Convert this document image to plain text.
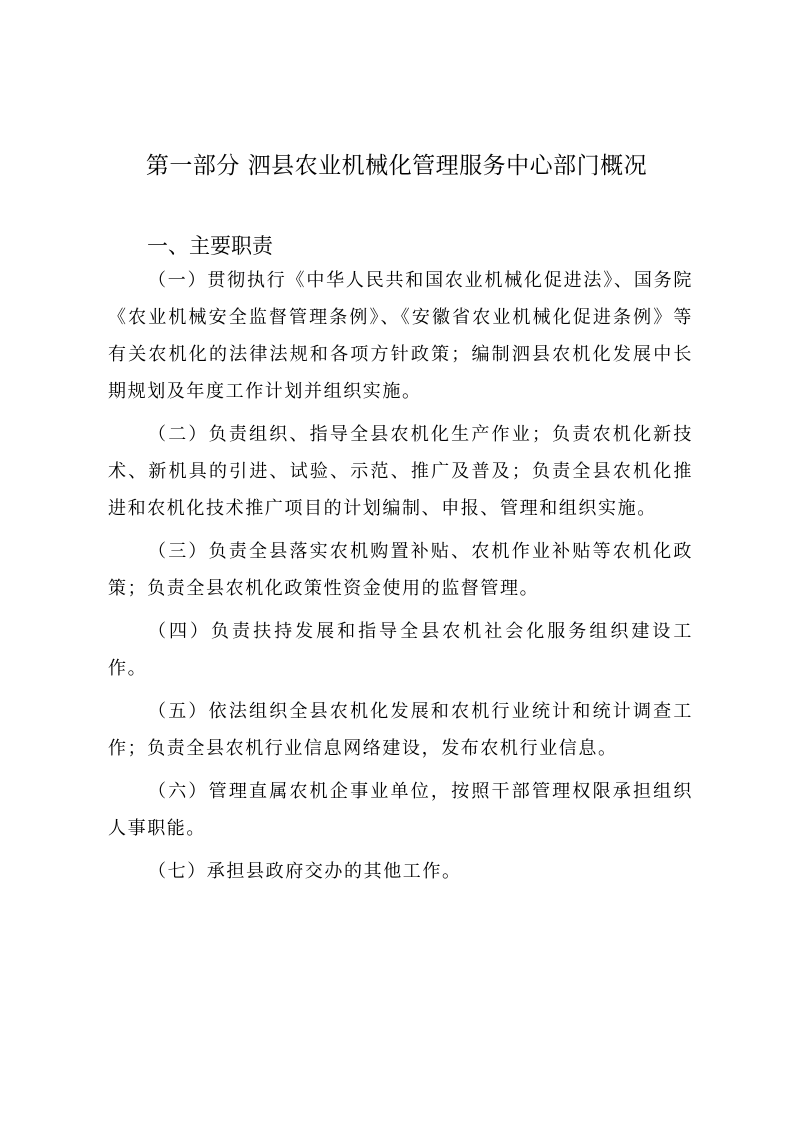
第一部分 泗县农业机械化管理服务中心部门概况
一、主要职责

（一）贯彻执行《中华人民共和国农业机械化促进法》、国务院《农业机械安全监督管理条例》、《安徽省农业机械化促进条例》等有关农机化的法律法规和各项方针政策；编制泗县农机化发展中长期规划及年度工作计划并组织实施。

（二）负责组织、指导全县农机化生产作业；负责农机化新技术、新机具的引进、试验、示范、推广及普及；负责全县农机化推进和农机化技术推广项目的计划编制、申报、管理和组织实施。

（三）负责全县落实农机购置补贴、农机作业补贴等农机化政策；负责全县农机化政策性资金使用的监督管理。

（四）负责扶持发展和指导全县农机社会化服务组织建设工作。

（五）依法组织全县农机化发展和农机行业统计和统计调查工作；负责全县农机行业信息网络建设，发布农机行业信息。

（六）管理直属农机企事业单位，按照干部管理权限承担组织人事职能。

（七）承担县政府交办的其他工作。
